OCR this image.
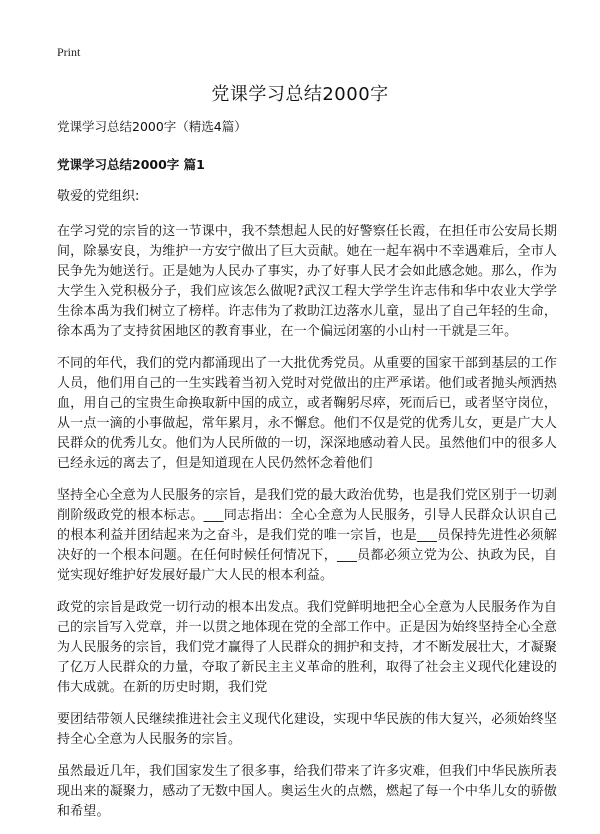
Print
党课学习总结2000字

党课学习总结2000字（精选4篇）

党课学习总结2000字 篇1

敬爱的党组织:

在学习党的宗旨的这一节课中，我不禁想起人民的好警察任长霞，在担任市公安局长期间，除暴安良，为维护一方安宁做出了巨大贡献。她在一起车祸中不幸遇难后，全市人民争先为她送行。正是她为人民办了事实，办了好事人民才会如此感念她。那么，作为大学生入党积极分子，我们应该怎么做呢?武汉工程大学学生许志伟和华中农业大学学生徐本禹为我们树立了榜样。许志伟为了救助江边落水儿童，显出了自己年轻的生命，徐本禹为了支持贫困地区的教育事业，在一个偏远闭塞的小山村一干就是三年。

不同的年代，我们的党内都涌现出了一大批优秀党员。从重要的国家干部到基层的工作人员，他们用自己的一生实践着当初入党时对党做出的庄严承诺。他们或者抛头颅洒热血，用自己的宝贵生命换取新中国的成立，或者鞠躬尽瘁，死而后已，或者坚守岗位，从一点一滴的小事做起，常年累月，永不懈怠。他们不仅是党的优秀儿女，更是广大人民群众的优秀儿女。他们为人民所做的一切，深深地感动着人民。虽然他们中的很多人已经永远的离去了，但是知道现在人民仍然怀念着他们

坚持全心全意为人民服务的宗旨，是我们党的最大政治优势，也是我们党区别于一切剥削阶级政党的根本标志。___同志指出：全心全意为人民服务，引导人民群众认识自己的根本利益并团结起来为之奋斗，是我们党的唯一宗旨，也是___员保持先进性必须解决好的一个根本问题。在任何时候任何情况下，___员都必须立党为公、执政为民，自觉实现好维护好发展好最广大人民的根本利益。

政党的宗旨是政党一切行动的根本出发点。我们党鲜明地把全心全意为人民服务作为自己的宗旨写入党章，并一以贯之地体现在党的全部工作中。正是因为始终坚持全心全意为人民服务的宗旨，我们党才赢得了人民群众的拥护和支持，才不断发展壮大，才凝聚了亿万人民群众的力量，夺取了新民主主义革命的胜利，取得了社会主义现代化建设的伟大成就。在新的历史时期，我们党

要团结带领人民继续推进社会主义现代化建设，实现中华民族的伟大复兴，必须始终坚持全心全意为人民服务的宗旨。

虽然最近几年，我们国家发生了很多事，给我们带来了许多灾难，但我们中华民族所表现出来的凝聚力，感动了无数中国人。奥运生火的点燃，燃起了每一个中华儿女的骄傲和希望。
